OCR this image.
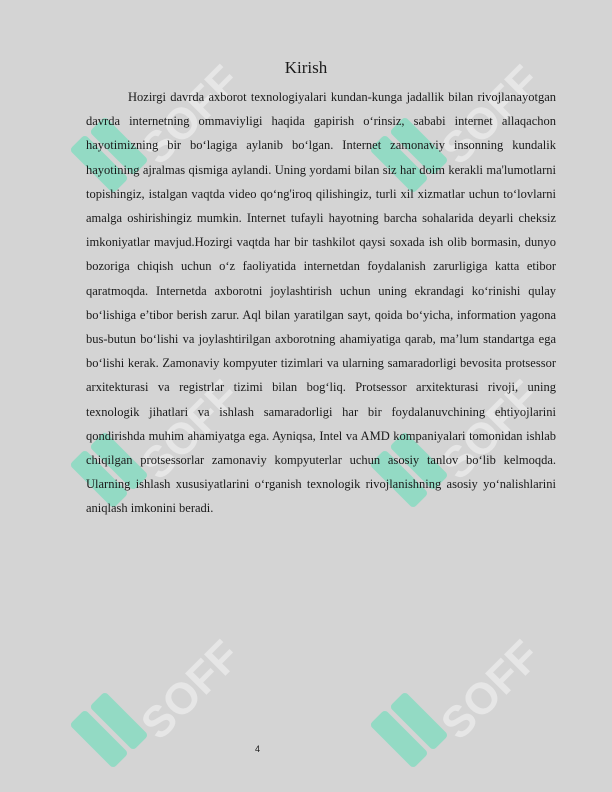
Kirish

Hozirgi davrda axborot texnologiyalari kundan-kunga jadallik bilan rivojlanayotgan davrda internetning ommaviyligi haqida gapirish o‘rinsiz, sababi internet allaqachon hayotimizning bir bo‘lagiga aylanib bo‘lgan. Internet zamonaviy insonning kundalik hayotining ajralmas qismiga aylandi. Uning yordami bilan siz har doim kerakli ma'lumotlarni topishingiz, istalgan vaqtda video qo‘ng'iroq qilishingiz, turli xil xizmatlar uchun to‘lovlarni amalga oshirishingiz mumkin. Internet tufayli hayotning barcha sohalarida deyarli cheksiz imkoniyatlar mavjud.Hozirgi vaqtda har bir tashkilot qaysi soxada ish olib bormasin, dunyo bozoriga chiqish uchun o‘z faoliyatida internetdan foydalanish zarurligiga katta etibor qaratmoqda. Internetda axborotni joylashtirish uchun uning ekrandagi ko‘rinishi qulay bo‘lishiga e’tibor berish zarur. Aql bilan yaratilgan sayt, qoida bo‘yicha, information yagona bus-butun bo‘lishi va joylashtirilgan axborotning ahamiyatiga qarab, ma’lum standartga ega bo‘lishi kerak. Zamonaviy kompyuter tizimlari va ularning samaradorligi bevosita protsessor arxitekturasi va registrlar tizimi bilan bog‘liq. Protsessor arxitekturasi rivoji, uning texnologik jihatlari va ishlash samaradorligi har bir foydalanuvchining ehtiyojlarini qondirishda muhim ahamiyatga ega. Ayniqsa, Intel va AMD kompaniyalari tomonidan ishlab chiqilgan protsessorlar zamonaviy kompyuterlar uchun asosiy tanlov bo‘lib kelmoqda. Ularning ishlash xususiyatlarini o‘rganish texnologik rivojlanishning asosiy yo‘nalishlarini aniqlash imkonini beradi.

4
